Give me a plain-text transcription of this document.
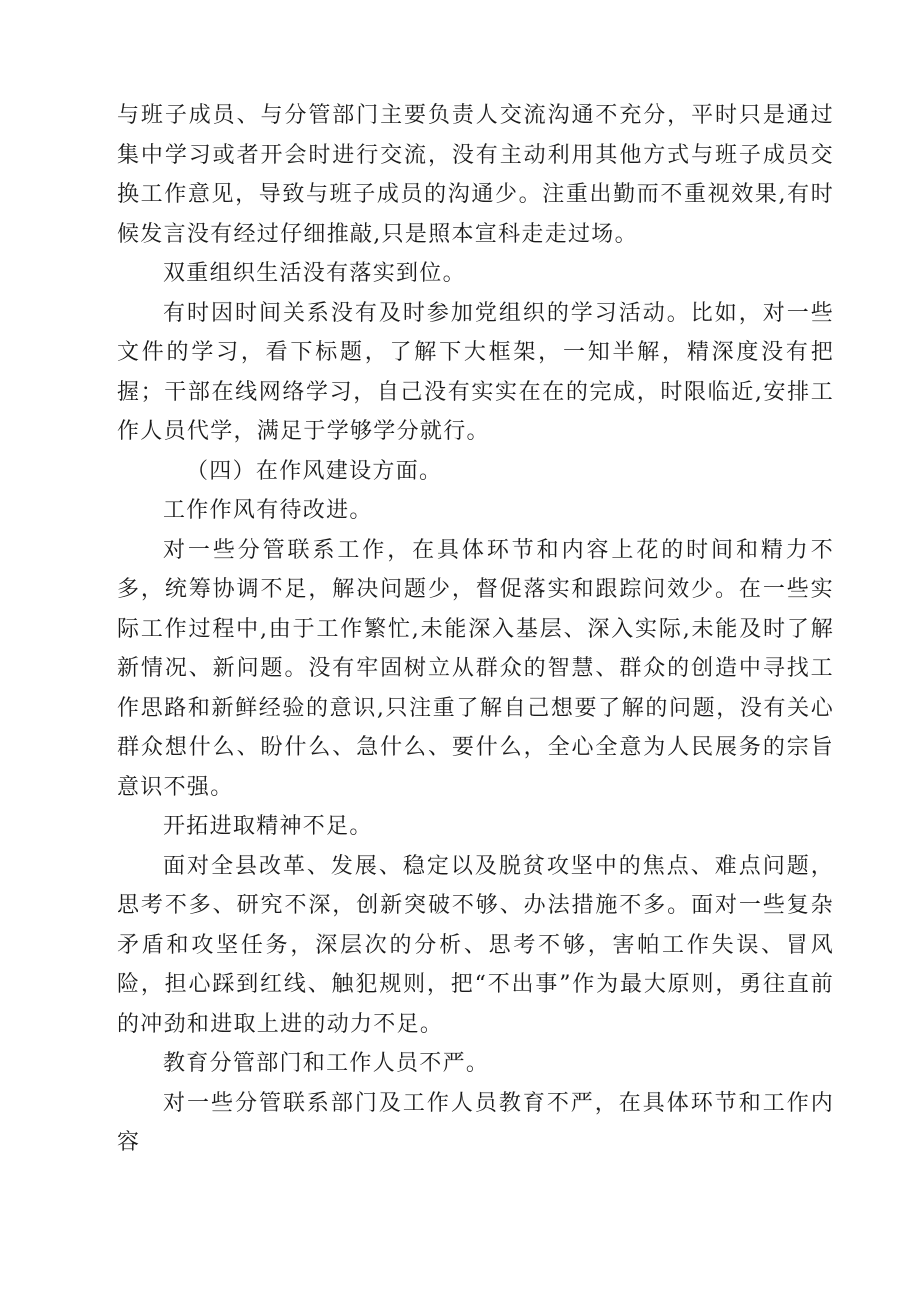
与班子成员、与分管部门主要负责人交流沟通不充分，平时只是通过集中学习或者开会时进行交流，没有主动利用其他方式与班子成员交换工作意见，导致与班子成员的沟通少。注重出勤而不重视效果,有时候发言没有经过仔细推敲,只是照本宣科走走过场。

双重组织生活没有落实到位。

有时因时间关系没有及时参加党组织的学习活动。比如，对一些文件的学习，看下标题，了解下大框架，一知半解，精深度没有把握；干部在线网络学习，自己没有实实在在的完成，时限临近,安排工作人员代学，满足于学够学分就行。

（四）在作风建设方面。

工作作风有待改进。

对一些分管联系工作，在具体环节和内容上花的时间和精力不多，统筹协调不足，解决问题少，督促落实和跟踪问效少。在一些实际工作过程中,由于工作繁忙,未能深入基层、深入实际,未能及时了解新情况、新问题。没有牢固树立从群众的智慧、群众的创造中寻找工作思路和新鲜经验的意识,只注重了解自己想要了解的问题，没有关心群众想什么、盼什么、急什么、要什么，全心全意为人民展务的宗旨意识不强。

开拓进取精神不足。

面对全县改革、发展、稳定以及脱贫攻坚中的焦点、难点问题，思考不多、研究不深，创新突破不够、办法措施不多。面对一些复杂矛盾和攻坚任务，深层次的分析、思考不够，害帕工作失误、冒风险，担心踩到红线、触犯规则，把“不出事”作为最大原则，勇往直前的冲劲和进取上进的动力不足。

教育分管部门和工作人员不严。

对一些分管联系部门及工作人员教育不严，在具体环节和工作内容
